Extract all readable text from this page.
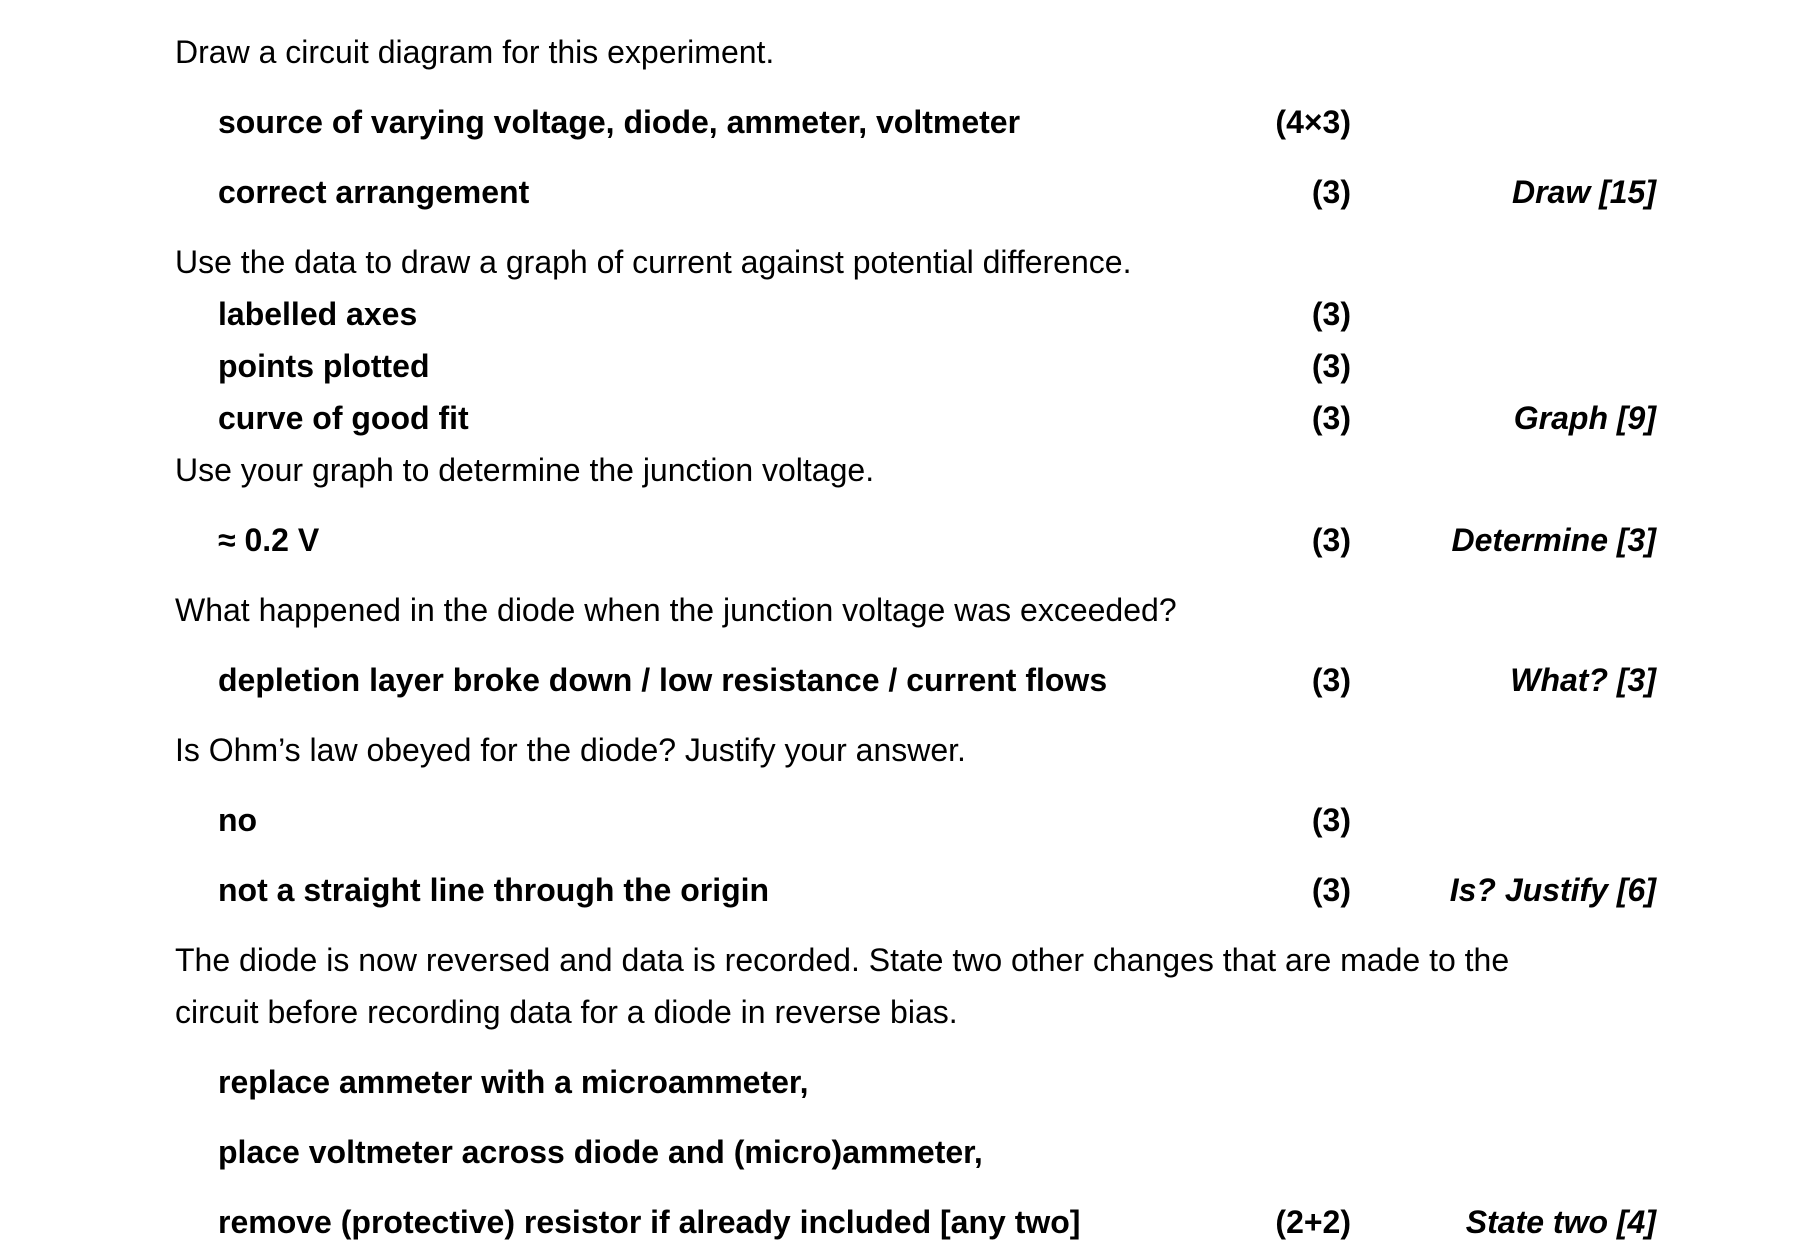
Draw a circuit diagram for this experiment.
source of varying voltage, diode, ammeter, voltmeter	(4×3)
correct arrangement	(3)	Draw [15]
Use the data to draw a graph of current against potential difference.
labelled axes	(3)
points plotted	(3)
curve of good fit	(3)	Graph [9]
Use your graph to determine the junction voltage.
≈ 0.2 V	(3)	Determine [3]
What happened in the diode when the junction voltage was exceeded?
depletion layer broke down / low resistance / current flows	(3)	What? [3]
Is Ohm’s law obeyed for the diode? Justify your answer.
no	(3)
not a straight line through the origin	(3)	Is? Justify [6]
The diode is now reversed and data is recorded. State two other changes that are made to the
circuit before recording data for a diode in reverse bias.
replace ammeter with a microammeter,
place voltmeter across diode and (micro)ammeter,
remove (protective) resistor if already included [any two]	(2+2)	State two [4]
